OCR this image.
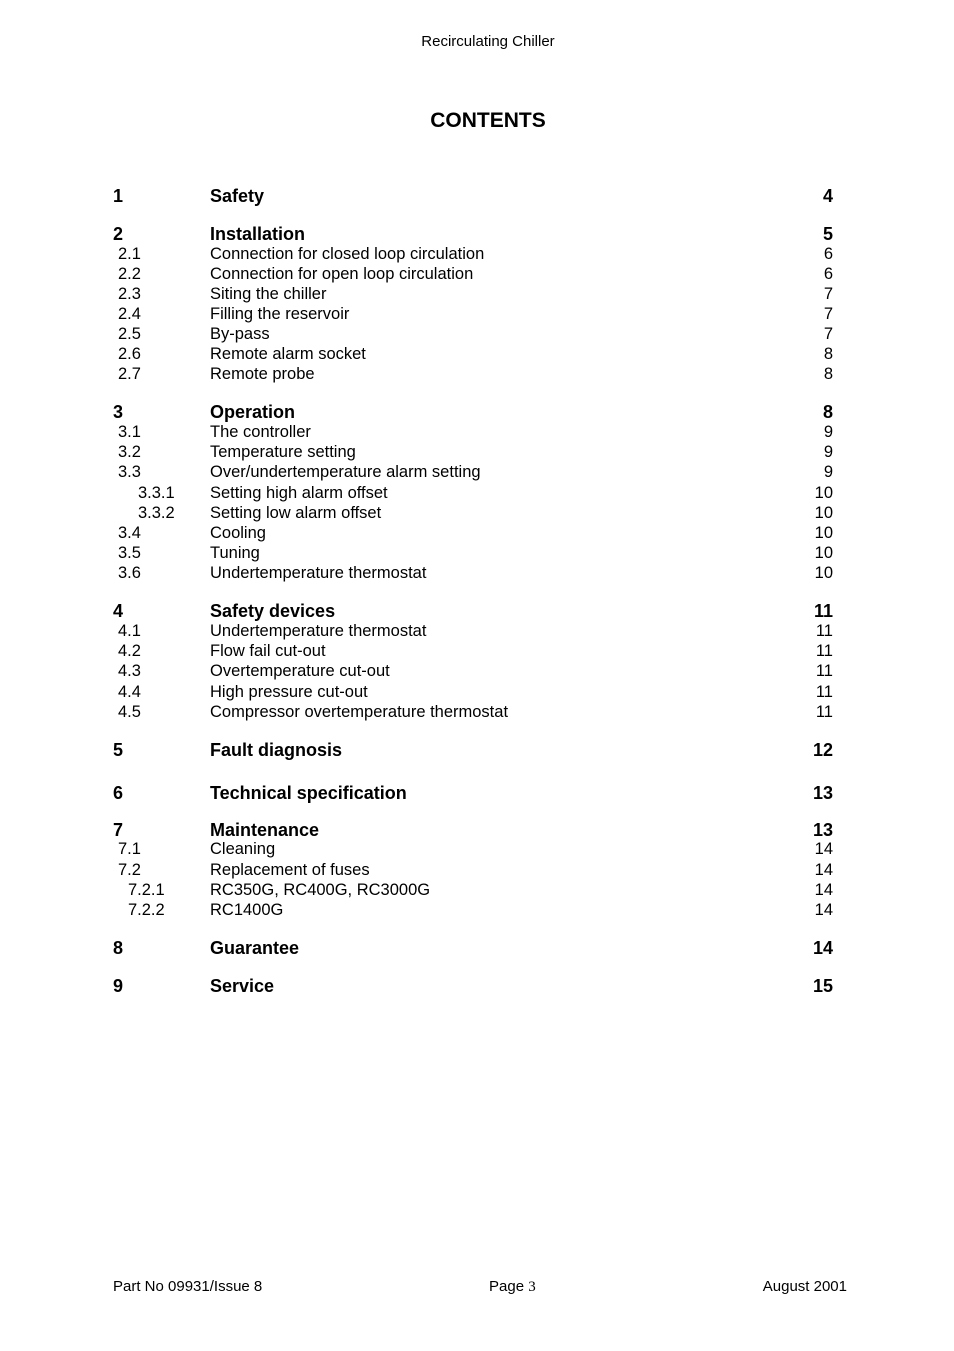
Recirculating Chiller
CONTENTS
1	Safety	4
2	Installation	5
2.1	Connection for closed loop circulation	6
2.2	Connection for open loop circulation	6
2.3	Siting the chiller	7
2.4	Filling the reservoir	7
2.5	By-pass	7
2.6	Remote alarm socket	8
2.7	Remote probe	8
3	Operation	8
3.1	The controller	9
3.2	Temperature setting	9
3.3	Over/undertemperature alarm setting	9
3.3.1 Setting high alarm offset	10
3.3.2 Setting low alarm offset	10
3.4	Cooling	10
3.5	Tuning	10
3.6	Undertemperature thermostat	10
4	Safety devices	11
4.1	Undertemperature thermostat	11
4.2	Flow fail cut-out	11
4.3	Overtemperature cut-out	11
4.4	High pressure cut-out	11
4.5	Compressor overtemperature thermostat	11
5	Fault diagnosis	12
6	Technical specification	13
7	Maintenance	13
7.1	Cleaning	14
7.2	Replacement of fuses	14
7.2.1	RC350G, RC400G, RC3000G	14
7.2.2	RC1400G	14
8	Guarantee	14
9	Service	15
Part No 09931/Issue 8	Page 3	August 2001
